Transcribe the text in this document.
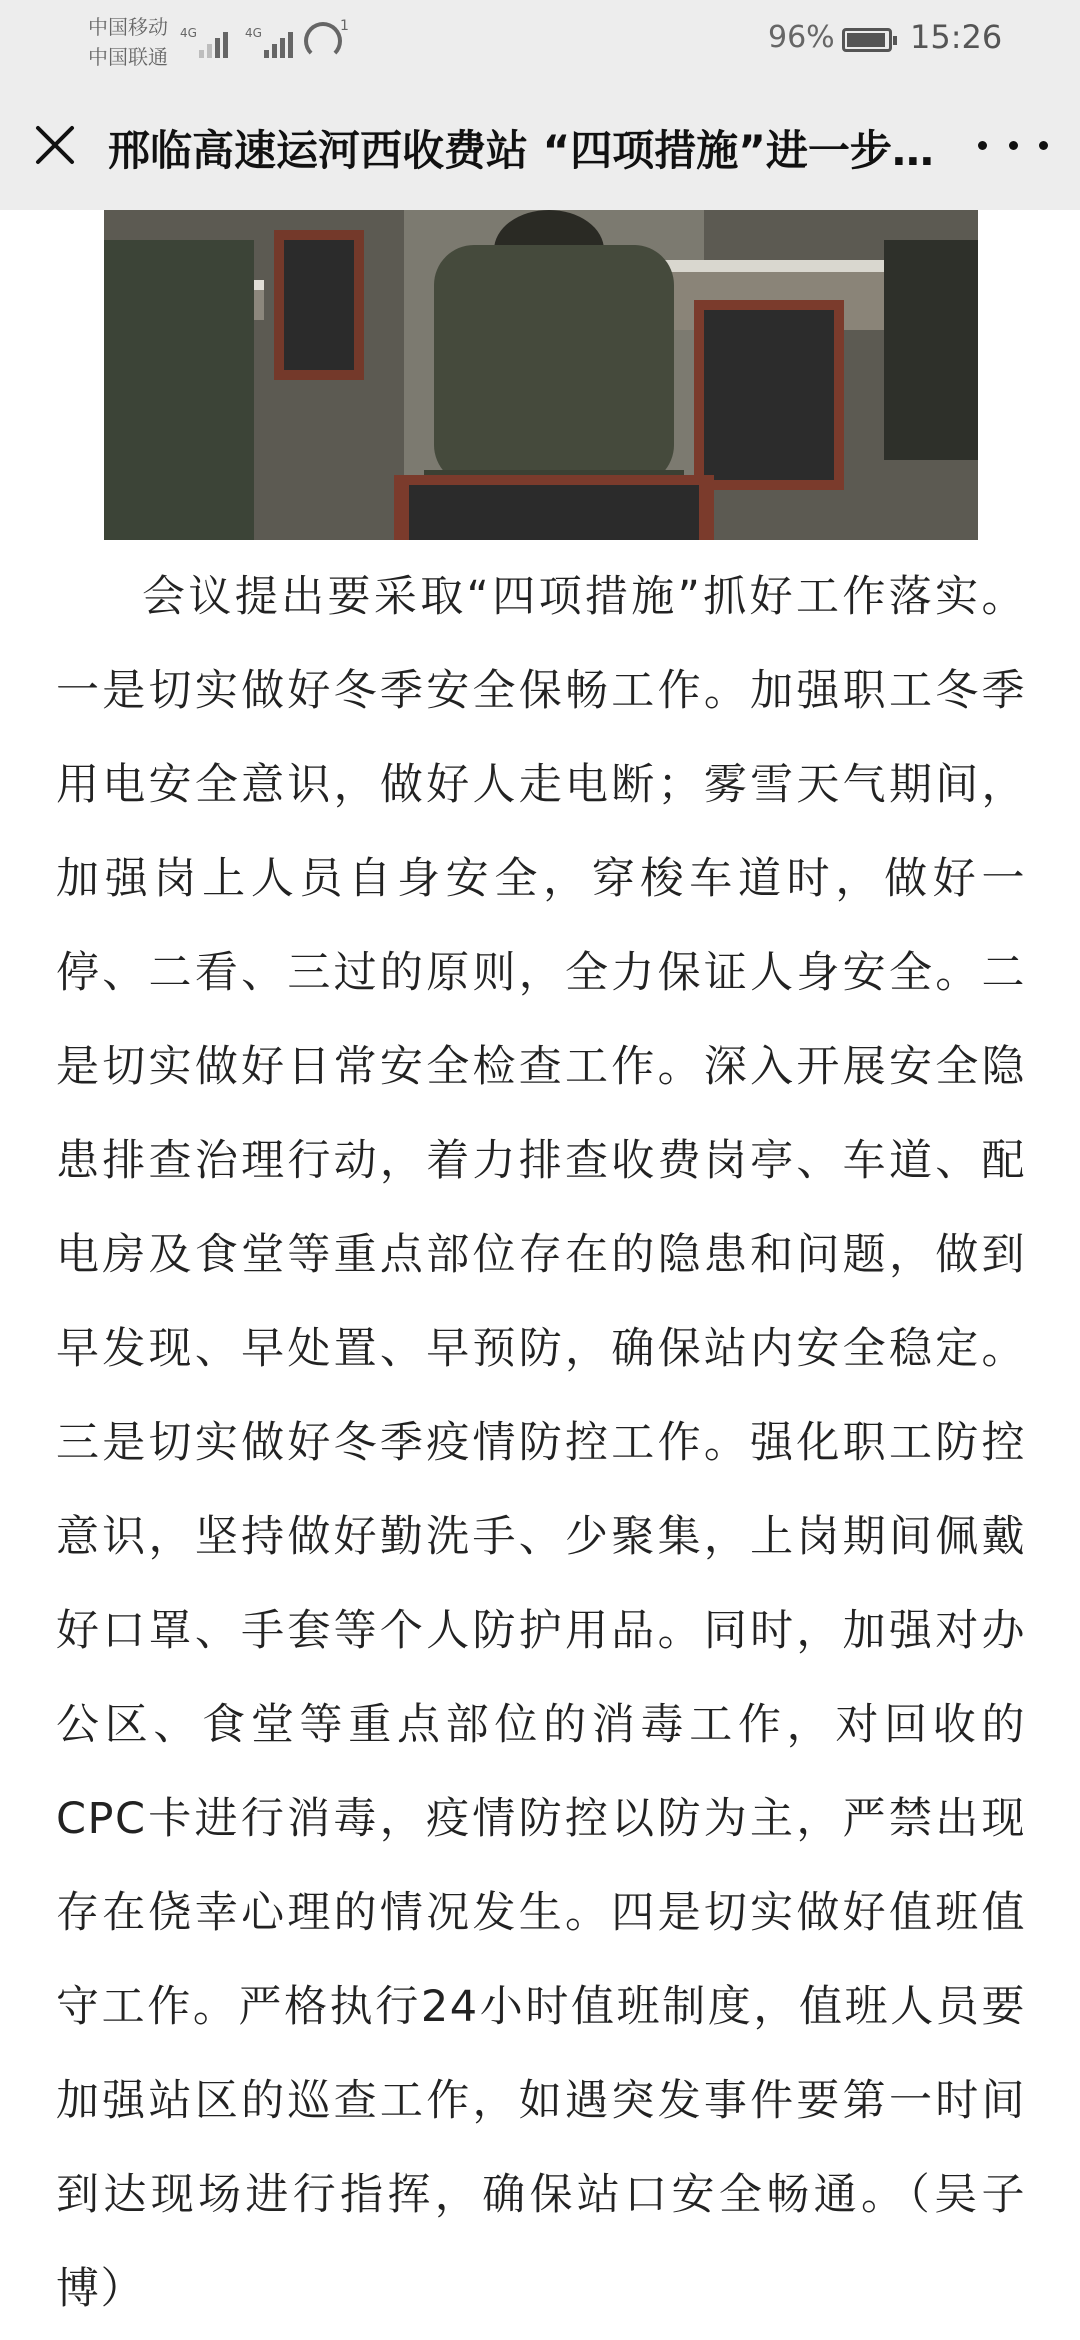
中国移动
中国联通
4G	4G	1	96% 15:26
邢临高速运河西收费站 “四项措施”进一步…

会议提出要采取“四项措施”抓好工作落实。一是切实做好冬季安全保畅工作。加强职工冬季用电安全意识，做好人走电断；雾雪天气期间，加强岗上人员自身安全，穿梭车道时，做好一停、二看、三过的原则，全力保证人身安全。二是切实做好日常安全检查工作。深入开展安全隐患排查治理行动，着力排查收费岗亭、车道、配电房及食堂等重点部位存在的隐患和问题，做到早发现、早处置、早预防，确保站内安全稳定。三是切实做好冬季疫情防控工作。强化职工防控意识，坚持做好勤洗手、少聚集，上岗期间佩戴好口罩、手套等个人防护用品。同时，加强对办公区、食堂等重点部位的消毒工作，对回收的CPC卡进行消毒，疫情防控以防为主，严禁出现存在侥幸心理的情况发生。四是切实做好值班值守工作。严格执行24小时值班制度，值班人员要加强站区的巡查工作，如遇突发事件要第一时间到达现场进行指挥，确保站口安全畅通。（吴子博）
